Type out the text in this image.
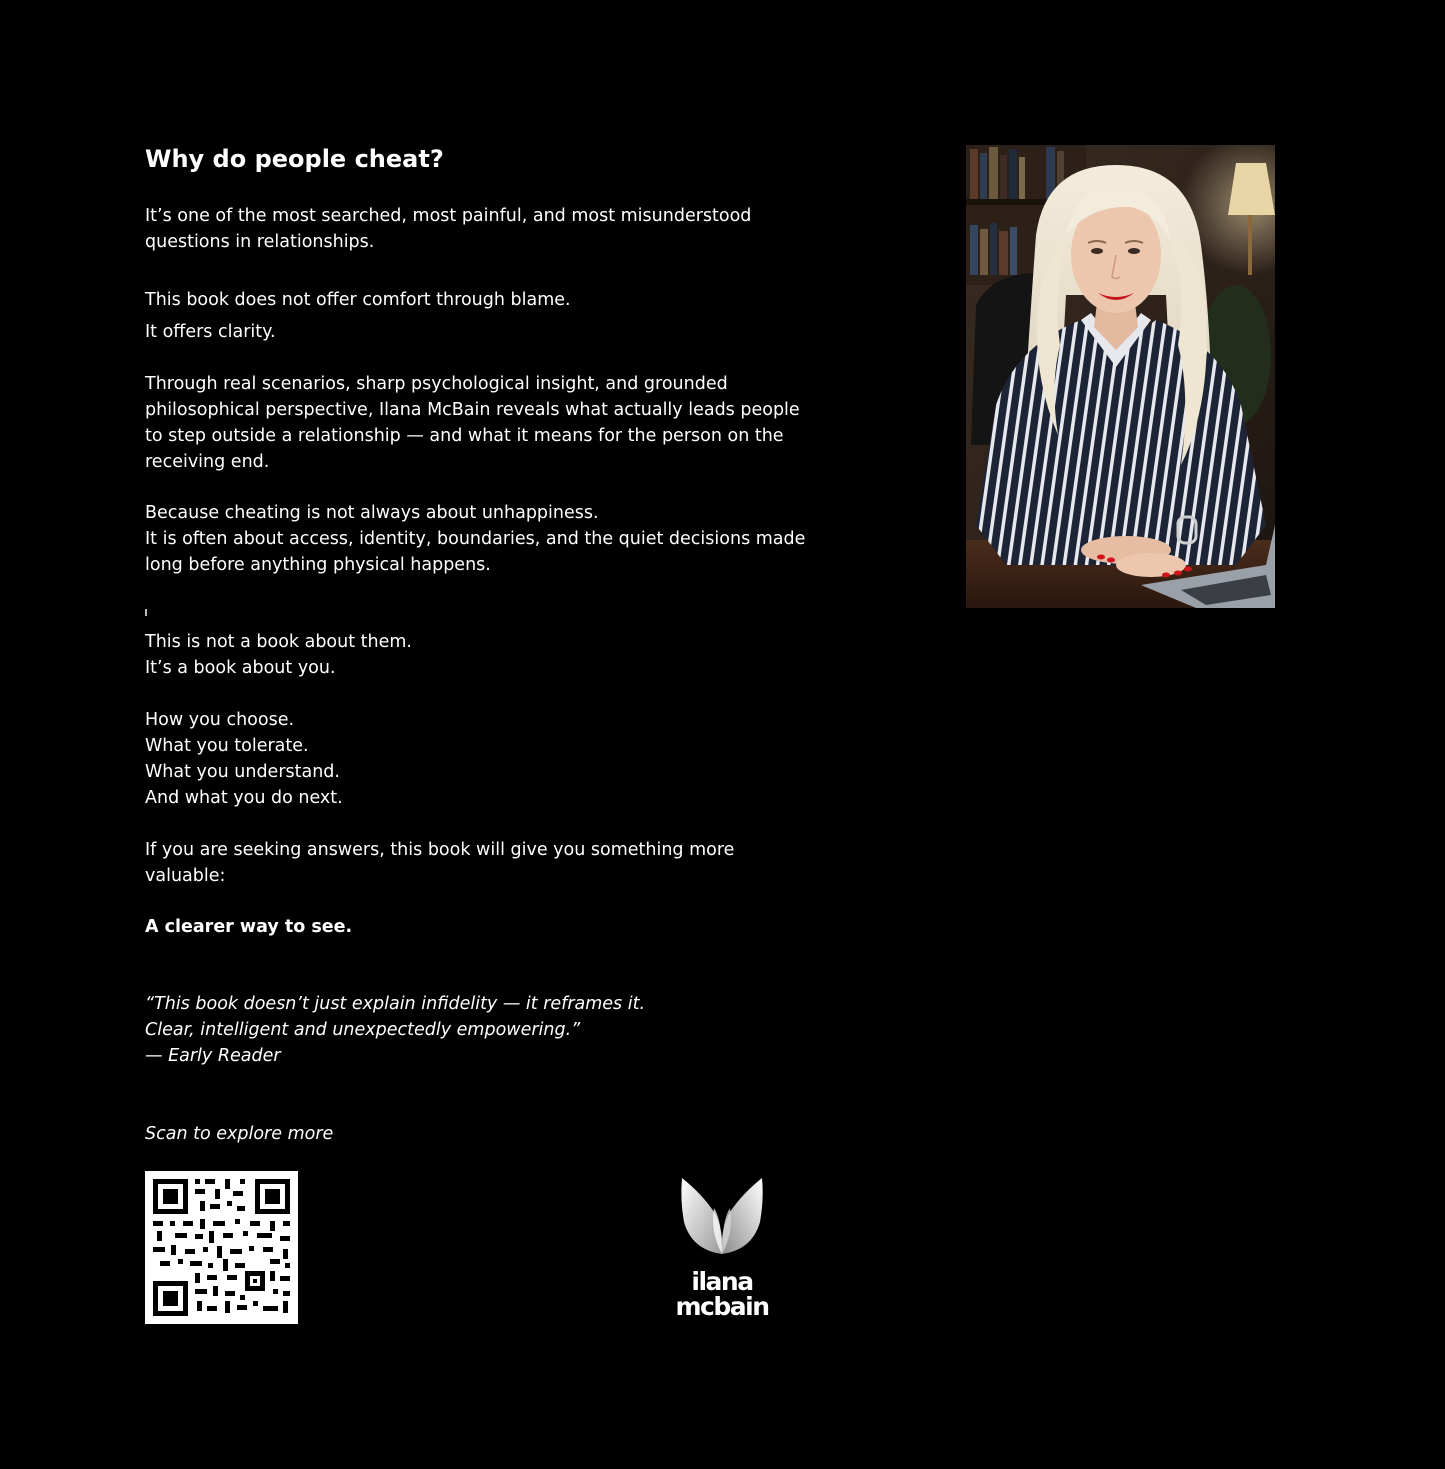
Why do people cheat?

It’s one of the most searched, most painful, and most misunderstood
questions in relationships.

This book does not offer comfort through blame.
It offers clarity.

Through real scenarios, sharp psychological insight, and grounded
philosophical perspective, Ilana McBain reveals what actually leads people
to step outside a relationship — and what it means for the person on the
receiving end.

Because cheating is not always about unhappiness.
It is often about access, identity, boundaries, and the quiet decisions made
long before anything physical happens.

This is not a book about them.
It’s a book about you.

How you choose.
What you tolerate.
What you understand.
And what you do next.

If you are seeking answers, this book will give you something more
valuable:

A clearer way to see.

“This book doesn’t just explain infidelity — it reframes it.
Clear, intelligent and unexpectedly empowering.”
— Early Reader

Scan to explore more

ilana
mcbain
